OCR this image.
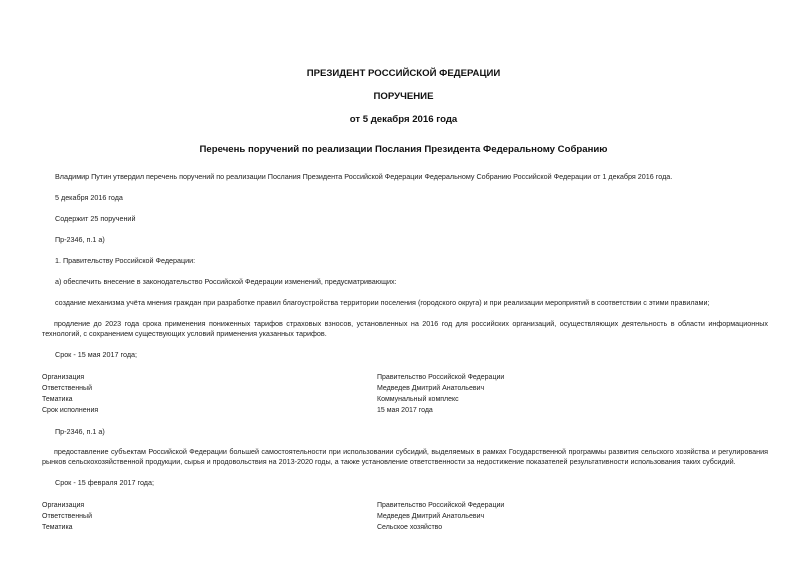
ПРЕЗИДЕНТ РОССИЙСКОЙ ФЕДЕРАЦИИ
ПОРУЧЕНИЕ
от 5 декабря 2016 года
Перечень поручений по реализации Послания Президента Федеральному Собранию
Владимир Путин утвердил перечень поручений по реализации Послания Президента Российской Федерации Федеральному Собранию Российской Федерации от 1 декабря 2016 года.
5 декабря 2016 года
Содержит 25 поручений
Пр-2346, п.1 а)
1. Правительству Российской Федерации:
а) обеспечить внесение в законодательство Российской Федерации изменений, предусматривающих:
создание механизма учёта мнения граждан при разработке правил благоустройства территории поселения (городского округа) и при реализации мероприятий в соответствии с этими правилами;
продление до 2023 года срока применения пониженных тарифов страховых взносов, установленных на 2016 год для российских организаций, осуществляющих деятельность в области информационных технологий, с сохранением существующих условий применения указанных тарифов.
Срок - 15 мая 2017 года;
Организация	Правительство Российской Федерации
Ответственный	Медведев Дмитрий Анатольевич
Тематика	Коммунальный комплекс
Срок исполнения	15 мая 2017 года
Пр-2346, п.1 а)
предоставление субъектам Российской Федерации большей самостоятельности при использовании субсидий, выделяемых в рамках Государственной программы развития сельского хозяйства и регулирования рынков сельскохозяйственной продукции, сырья и продовольствия на 2013-2020 годы, а также установление ответственности за недостижение показателей результативности использования таких субсидий.
Срок - 15 февраля 2017 года;
Организация	Правительство Российской Федерации
Ответственный	Медведев Дмитрий Анатольевич
Тематика	Сельское хозяйство
